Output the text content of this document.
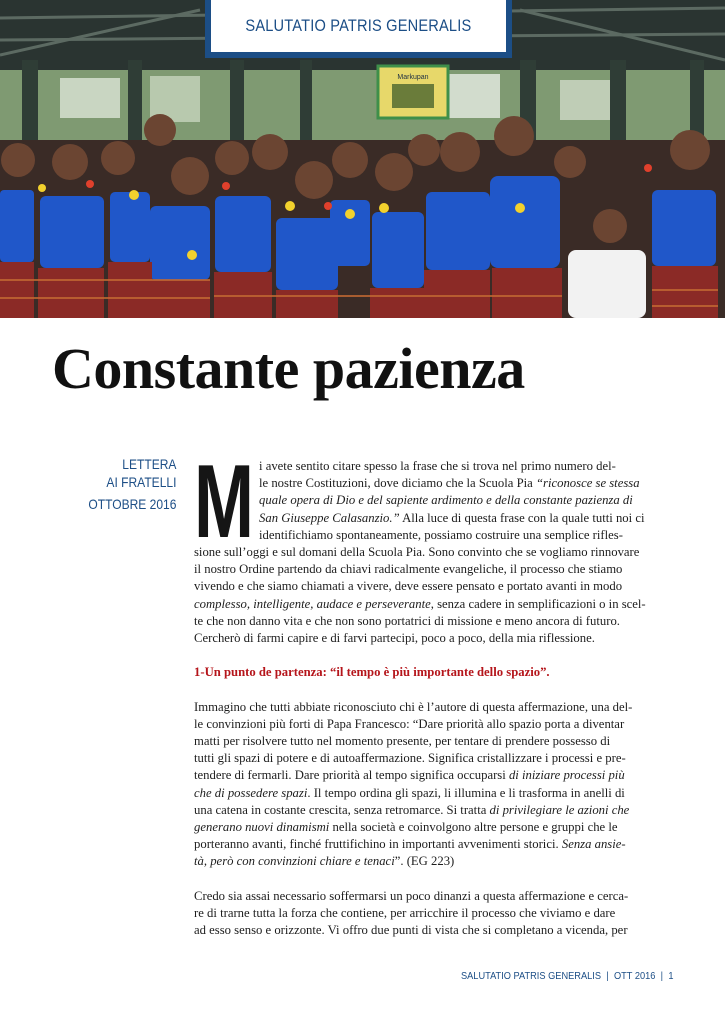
Markupan
SALUTATIO PATRIS GENERALIS
Constante pazienza
LETTERA
AI FRATELLI
OTTOBRE 2016 M i avete sentito citare spesso la frase che si trova nel primo numero del-
le nostre Costituzioni, dove diciamo che la Scuola Pia “riconosce se stessa
quale opera di Dio e del sapiente ardimento e della constante pazienza di
San Giuseppe Calasanzio.” Alla luce di questa frase con la quale tutti noi ci
identifichiamo spontaneamente, possiamo costruire una semplice rifles-
sione sull’oggi e sul domani della Scuola Pia. Sono convinto che se vogliamo rinnovare
il nostro Ordine partendo da chiavi radicalmente evangeliche, il processo che stiamo
vivendo e che siamo chiamati a vivere, deve essere pensato e portato avanti in modo
complesso, intelligente, audace e perseverante, senza cadere in semplificazioni o in scel-
te che non danno vita e che non sono portatrici di missione e meno ancora di futuro.
Cercherò di farmi capire e di farvi partecipi, poco a poco, della mia riflessione.
1-Un punto de partenza: “il tempo è più importante dello spazio”.
Immagino che tutti abbiate riconosciuto chi è l’autore di questa affermazione, una del-
le convinzioni più forti di Papa Francesco: “Dare priorità allo spazio porta a diventar
matti per risolvere tutto nel momento presente, per tentare di prendere possesso di
tutti gli spazi di potere e di autoaffermazione. Significa cristallizzare i processi e pre-
tendere di fermarli. Dare priorità al tempo significa occuparsi di iniziare processi più
che di possedere spazi. Il tempo ordina gli spazi, li illumina e li trasforma in anelli di
una catena in costante crescita, senza retromarce. Si tratta di privilegiare le azioni che
generano nuovi dinamismi nella società e coinvolgono altre persone e gruppi che le
porteranno avanti, finché fruttifichino in importanti avvenimenti storici. Senza ansie-
tà, però con convinzioni chiare e tenaci”. (EG 223)
Credo sia assai necessario soffermarsi un poco dinanzi a questa affermazione e cerca-
re di trarne tutta la forza che contiene, per arricchire il processo che viviamo e dare
ad esso senso e orizzonte. Vi offro due punti di vista che si completano a vicenda, per
SALUTATIO PATRIS GENERALIS | OTT 2016 | 1
